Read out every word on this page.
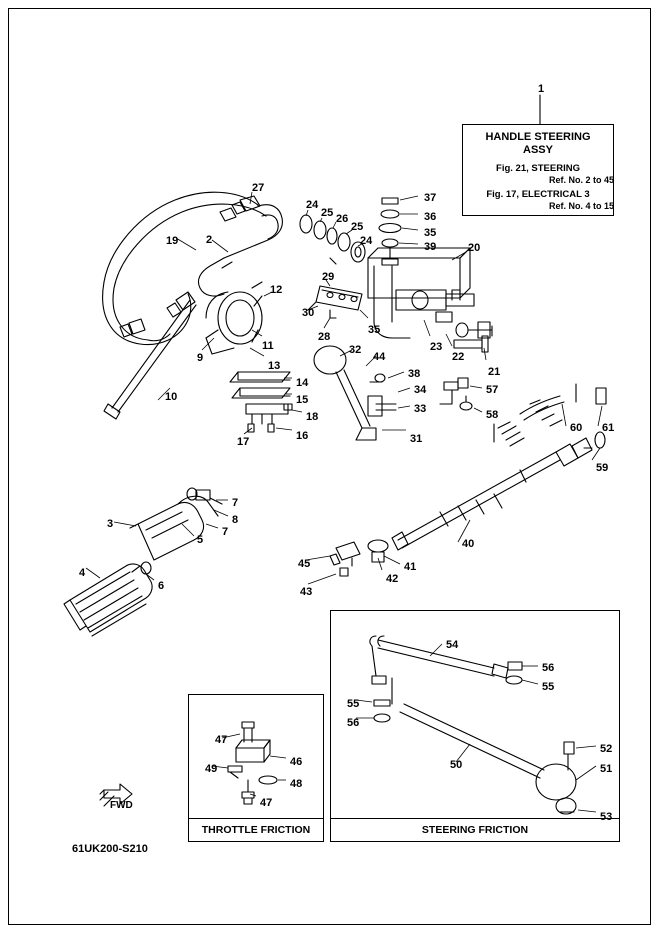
HANDLE STEERING
ASSY
Fig. 21, STEERING
Ref. No. 2 to 45
Fig. 17, ELECTRICAL 3
Ref. No. 4 to 15
THROTTLE FRICTION	STEERING FRICTION
FWD
61UK200-S210
1
27
37
36
24
25 26
25	35
39
19	2	24
20
29
12
30
35
28
23
22
21
11
13
9
32
44
10
14
15
18
16
17
38
34
33
31
57
58
60 61
59
7
8
7
5
3
4
6
40
45	41
42
43
54
56
55
55
56
50
52
51
53
47
46
49
48
47
